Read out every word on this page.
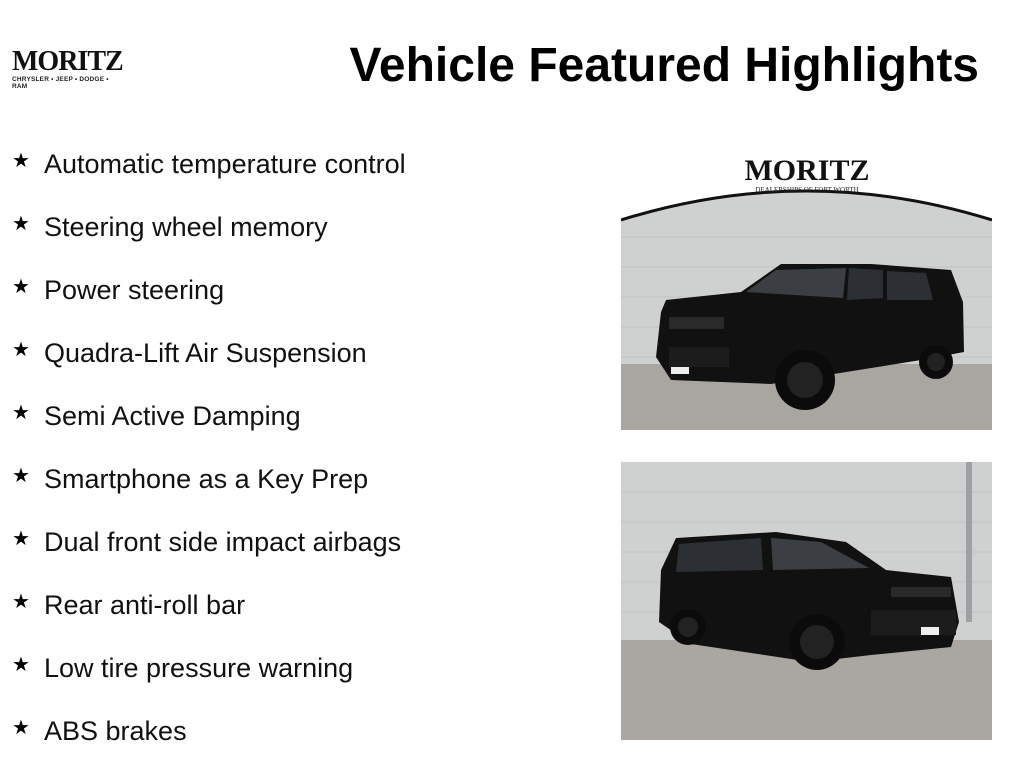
MORITZ
CHRYSLER • JEEP • DODGE • RAM	Vehicle Featured Highlights
★ Automatic temperature control
★ Steering wheel memory
★ Power steering
★ Quadra-Lift Air Suspension
★ Semi Active Damping
★ Smartphone as a Key Prep
★ Dual front side impact airbags
★ Rear anti-roll bar
★ Low tire pressure warning
★ ABS brakes
MORITZ
DEALERSHIPS OF FORT WORTH
